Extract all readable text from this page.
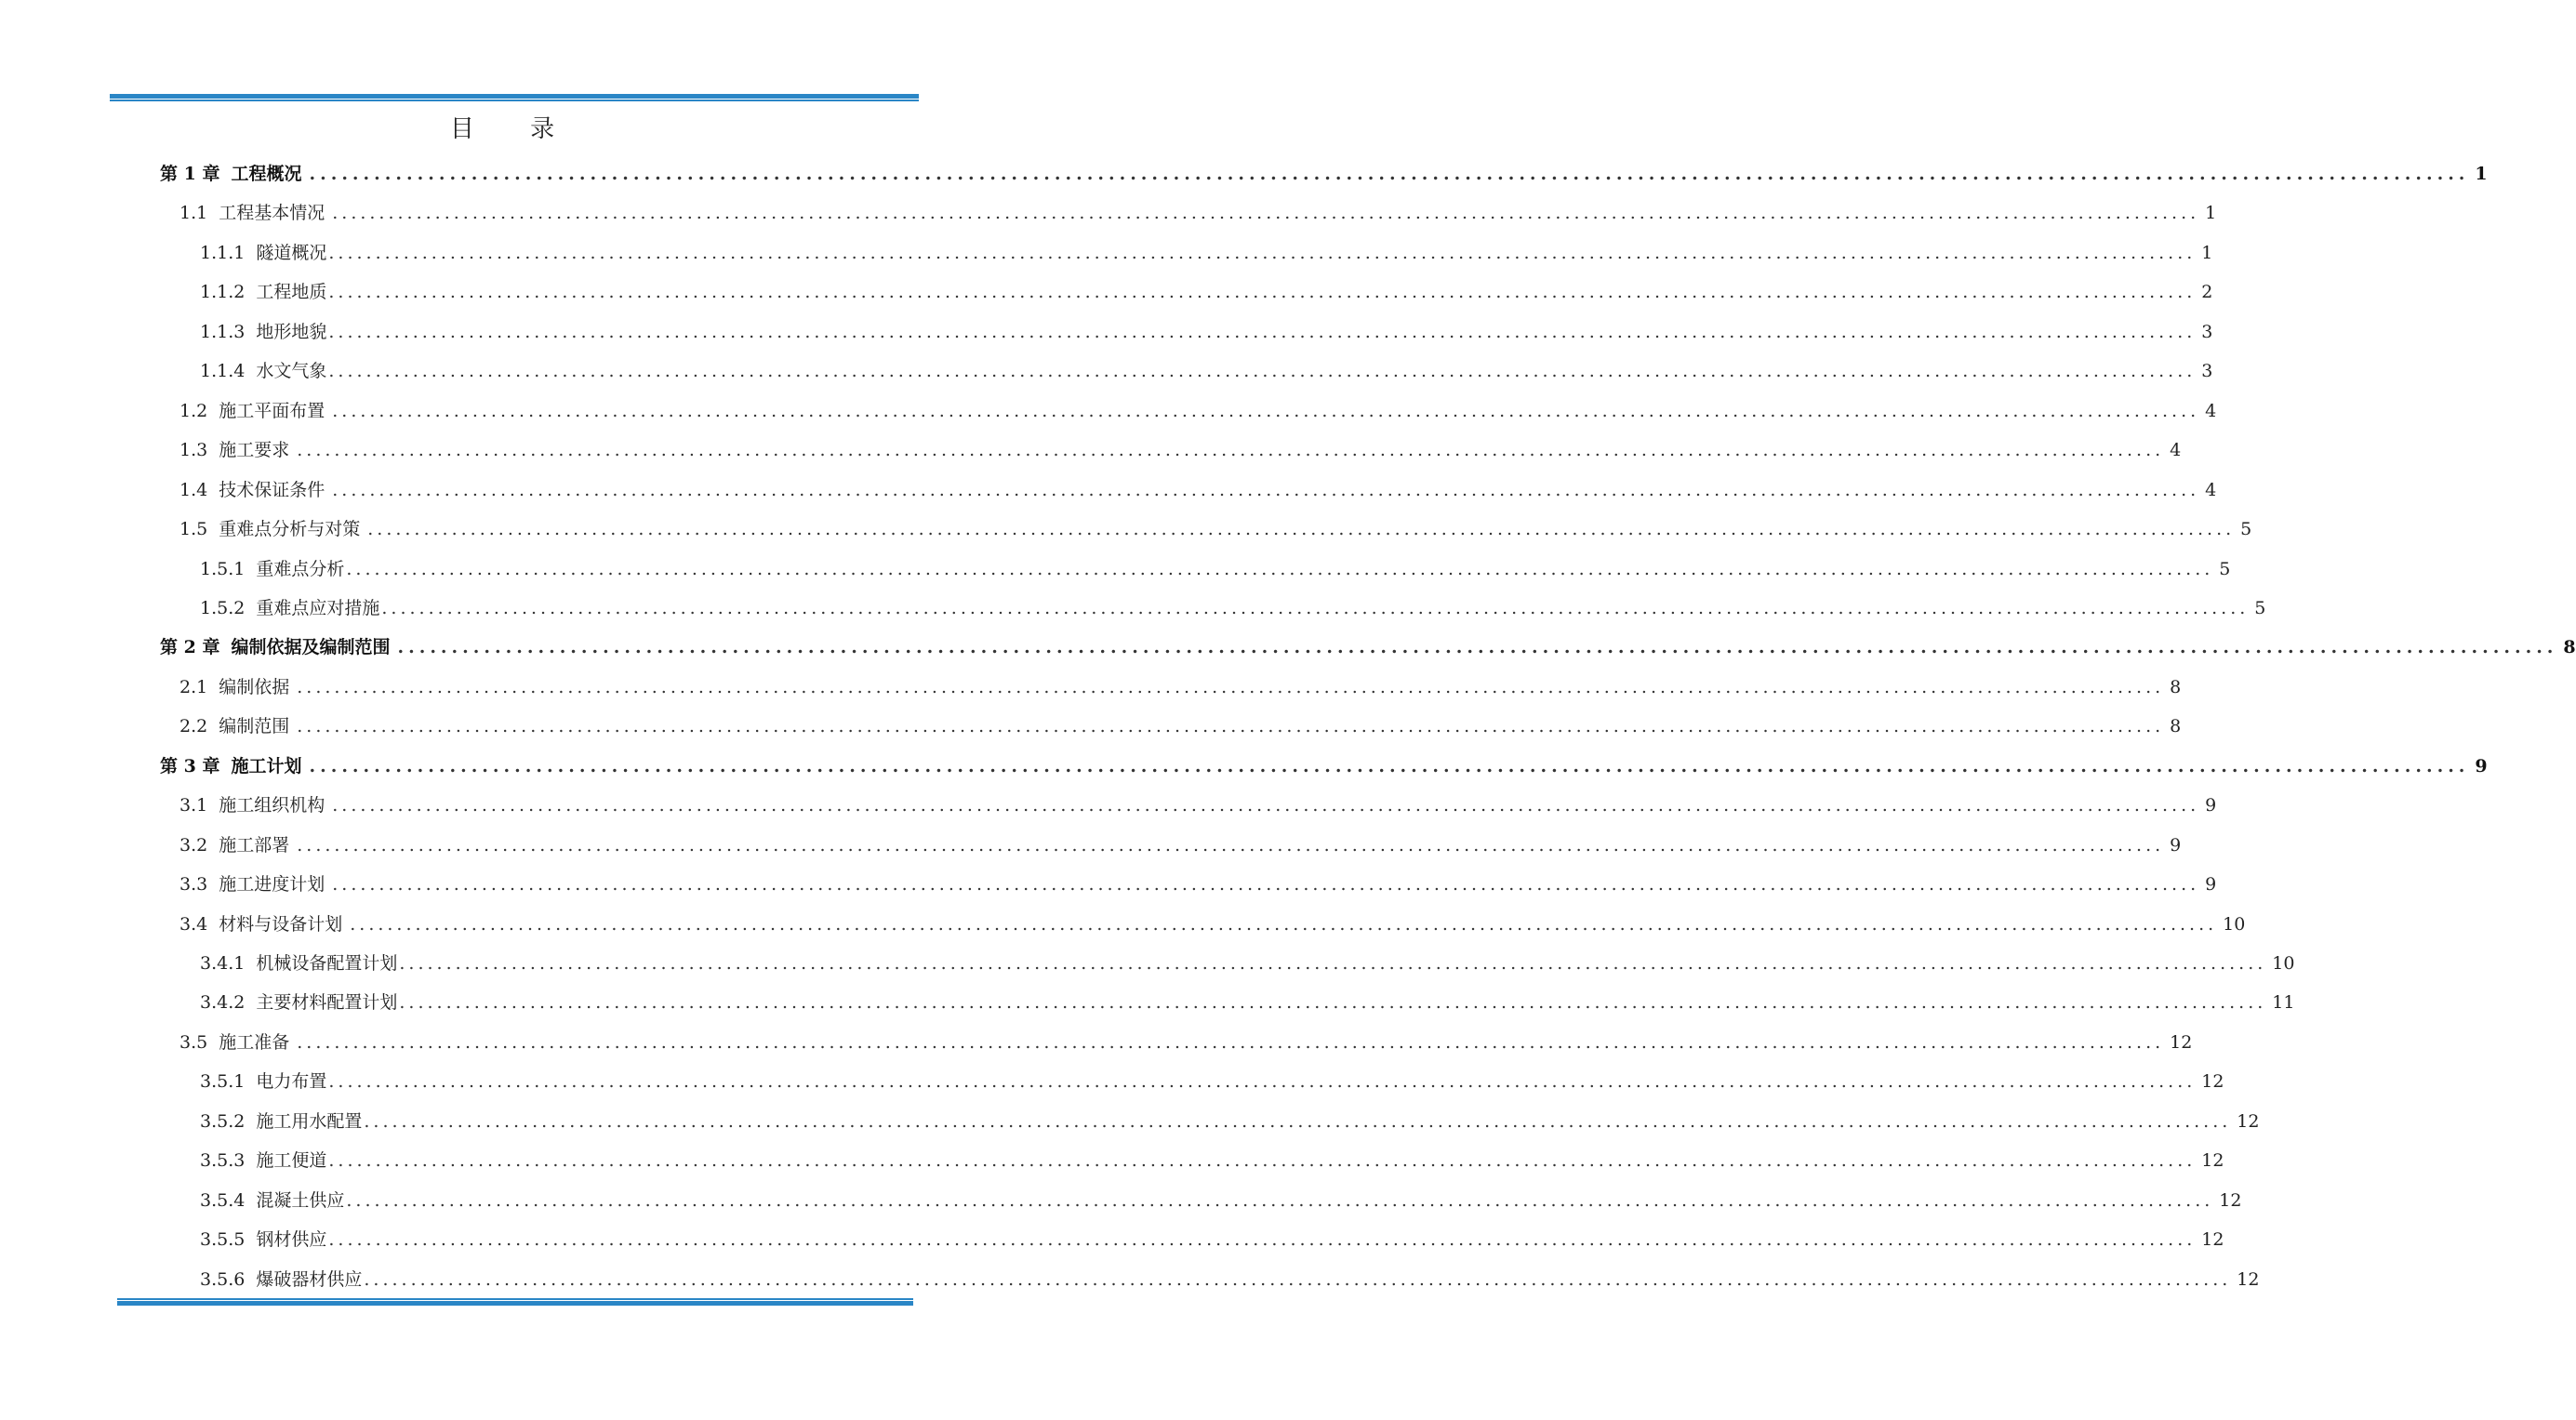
目 录
第 1 章 工程概况 ........................................................................................................................................................................................................ 1
1.1 工程基本情况 ........................................................................................................................................................................................................ 1
1.1.1 隧道概况 ........................................................................................................................................................................................................ 1
1.1.2 工程地质 ........................................................................................................................................................................................................ 2
1.1.3 地形地貌 ........................................................................................................................................................................................................ 3
1.1.4 水文气象 ........................................................................................................................................................................................................ 3
1.2 施工平面布置 ........................................................................................................................................................................................................ 4
1.3 施工要求 ........................................................................................................................................................................................................ 4
1.4 技术保证条件 ........................................................................................................................................................................................................ 4
1.5 重难点分析与对策 ........................................................................................................................................................................................................ 5
1.5.1 重难点分析 ........................................................................................................................................................................................................ 5
1.5.2 重难点应对措施 ........................................................................................................................................................................................................ 5
第 2 章 编制依据及编制范围 ........................................................................................................................................................................................................ 8
2.1 编制依据 ........................................................................................................................................................................................................ 8
2.2 编制范围 ........................................................................................................................................................................................................ 8
第 3 章 施工计划 ........................................................................................................................................................................................................ 9
3.1 施工组织机构 ........................................................................................................................................................................................................ 9
3.2 施工部署 ........................................................................................................................................................................................................ 9
3.3 施工进度计划 ........................................................................................................................................................................................................ 9
3.4 材料与设备计划 ........................................................................................................................................................................................................ 10
3.4.1 机械设备配置计划 ........................................................................................................................................................................................................ 10
3.4.2 主要材料配置计划 ........................................................................................................................................................................................................ 11
3.5 施工准备 ........................................................................................................................................................................................................ 12
3.5.1 电力布置 ........................................................................................................................................................................................................ 12
3.5.2 施工用水配置 ........................................................................................................................................................................................................ 12
3.5.3 施工便道 ........................................................................................................................................................................................................ 12
3.5.4 混凝土供应 ........................................................................................................................................................................................................ 12
3.5.5 钢材供应 ........................................................................................................................................................................................................ 12
3.5.6 爆破器材供应 ........................................................................................................................................................................................................ 12
